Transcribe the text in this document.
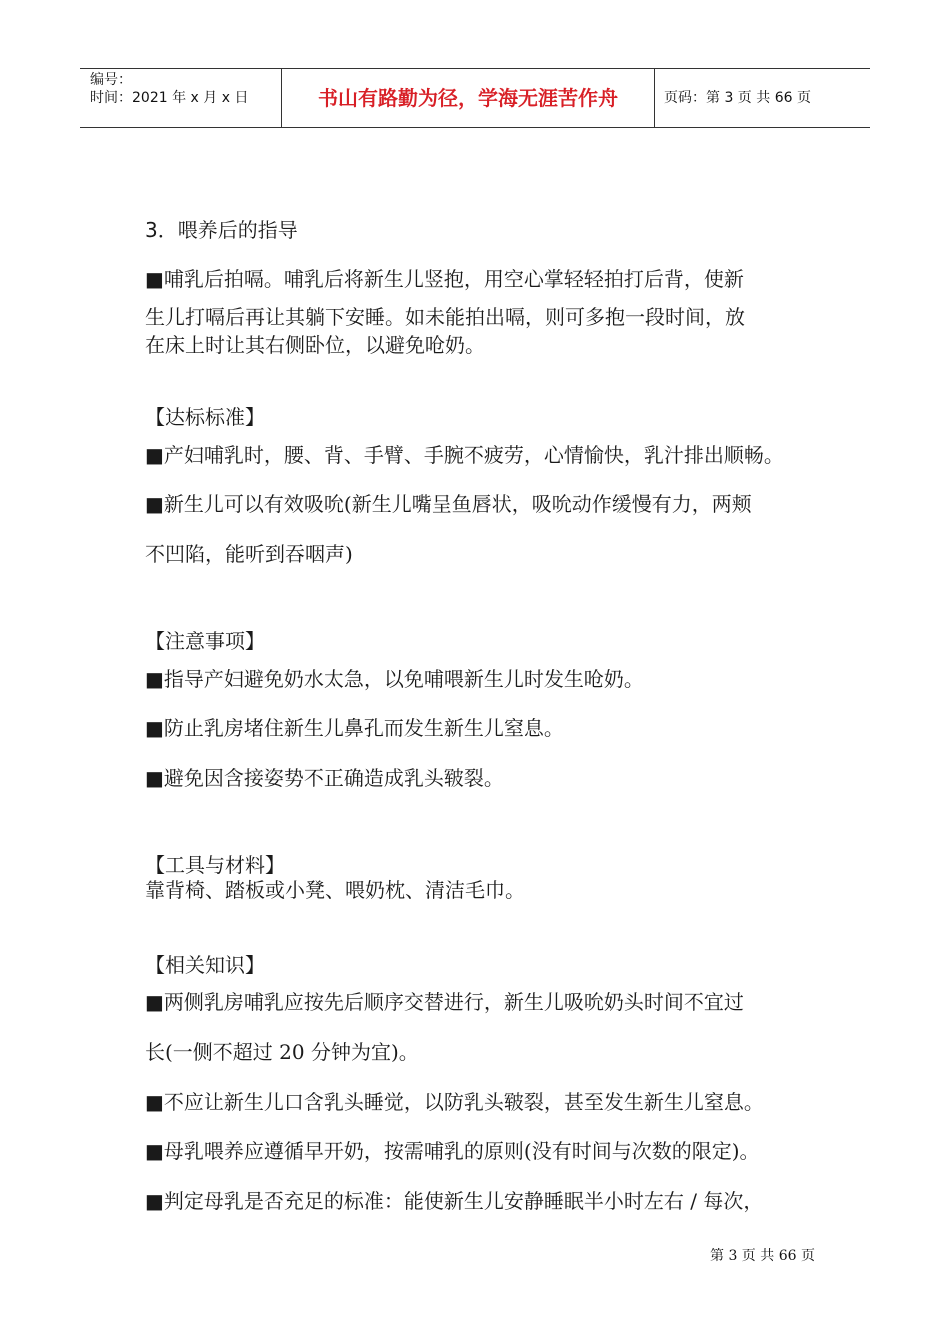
编号：
时间：2021 年 x 月 x 日	书山有路勤为径，学海无涯苦作舟	页码：第 3 页 共 66 页
3．喂养后的指导
■哺乳后拍嗝。哺乳后将新生儿竖抱，用空心掌轻轻拍打后背，使新
生儿打嗝后再让其躺下安睡。如未能拍出嗝，则可多抱一段时间，放
在床上时让其右侧卧位，以避免呛奶。
【达标标准】
■产妇哺乳时，腰、背、手臂、手腕不疲劳，心情愉快，乳汁排出顺畅。
■新生儿可以有效吸吮(新生儿嘴呈鱼唇状，吸吮动作缓慢有力，两颊
不凹陷，能听到吞咽声)
【注意事项】
■指导产妇避免奶水太急，以免哺喂新生儿时发生呛奶。
■防止乳房堵住新生儿鼻孔而发生新生儿窒息。
■避免因含接姿势不正确造成乳头皲裂。
【工具与材料】
靠背椅、踏板或小凳、喂奶枕、清洁毛巾。
【相关知识】
■两侧乳房哺乳应按先后顺序交替进行，新生儿吸吮奶头时间不宜过
长(一侧不超过 20 分钟为宜)。
■不应让新生儿口含乳头睡觉，以防乳头皲裂，甚至发生新生儿窒息。
■母乳喂养应遵循早开奶，按需哺乳的原则(没有时间与次数的限定)。
■判定母乳是否充足的标准：能使新生儿安静睡眠半小时左右 / 每次，
第 3 页 共 66 页
